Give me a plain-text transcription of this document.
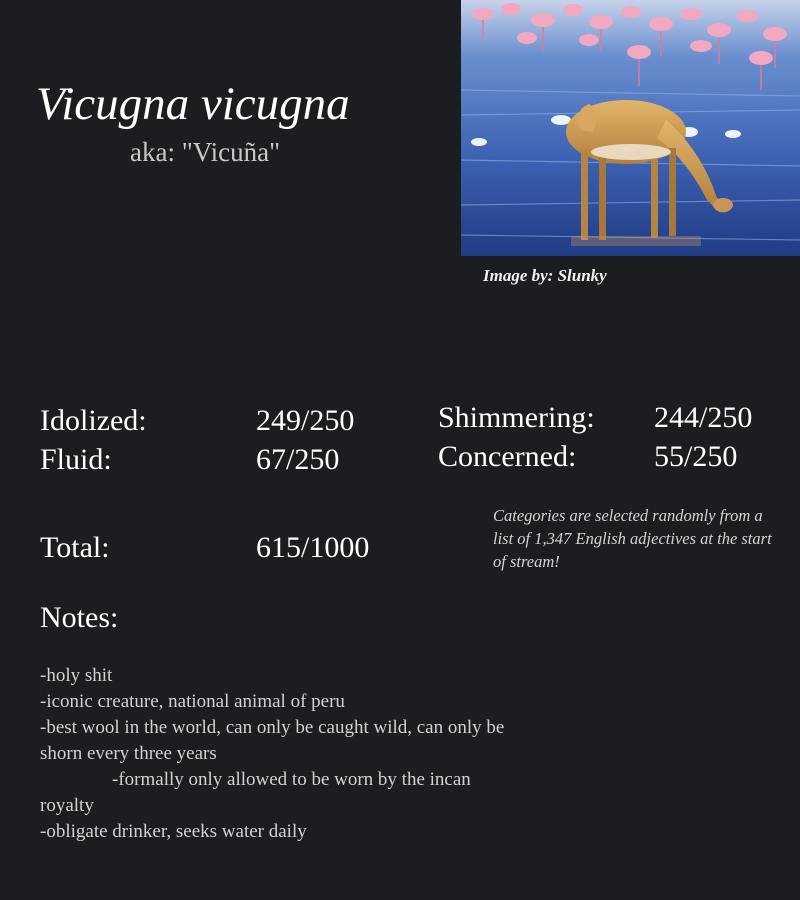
Vicugna vicugna
aka: "Vicuña"
Image by: Slunky
Idolized:	249/250
Fluid:	67/250
Shimmering: 244/250
Concerned:	55/250
Total:	615/1000
Categories are selected randomly from a list of 1,347 English adjectives at the start of stream!
Notes:
-holy shit
-iconic creature, national animal of peru
-best wool in the world, can only be caught wild, can only be shorn every three years
-formally only allowed to be worn by the incan royalty
-obligate drinker, seeks water daily
